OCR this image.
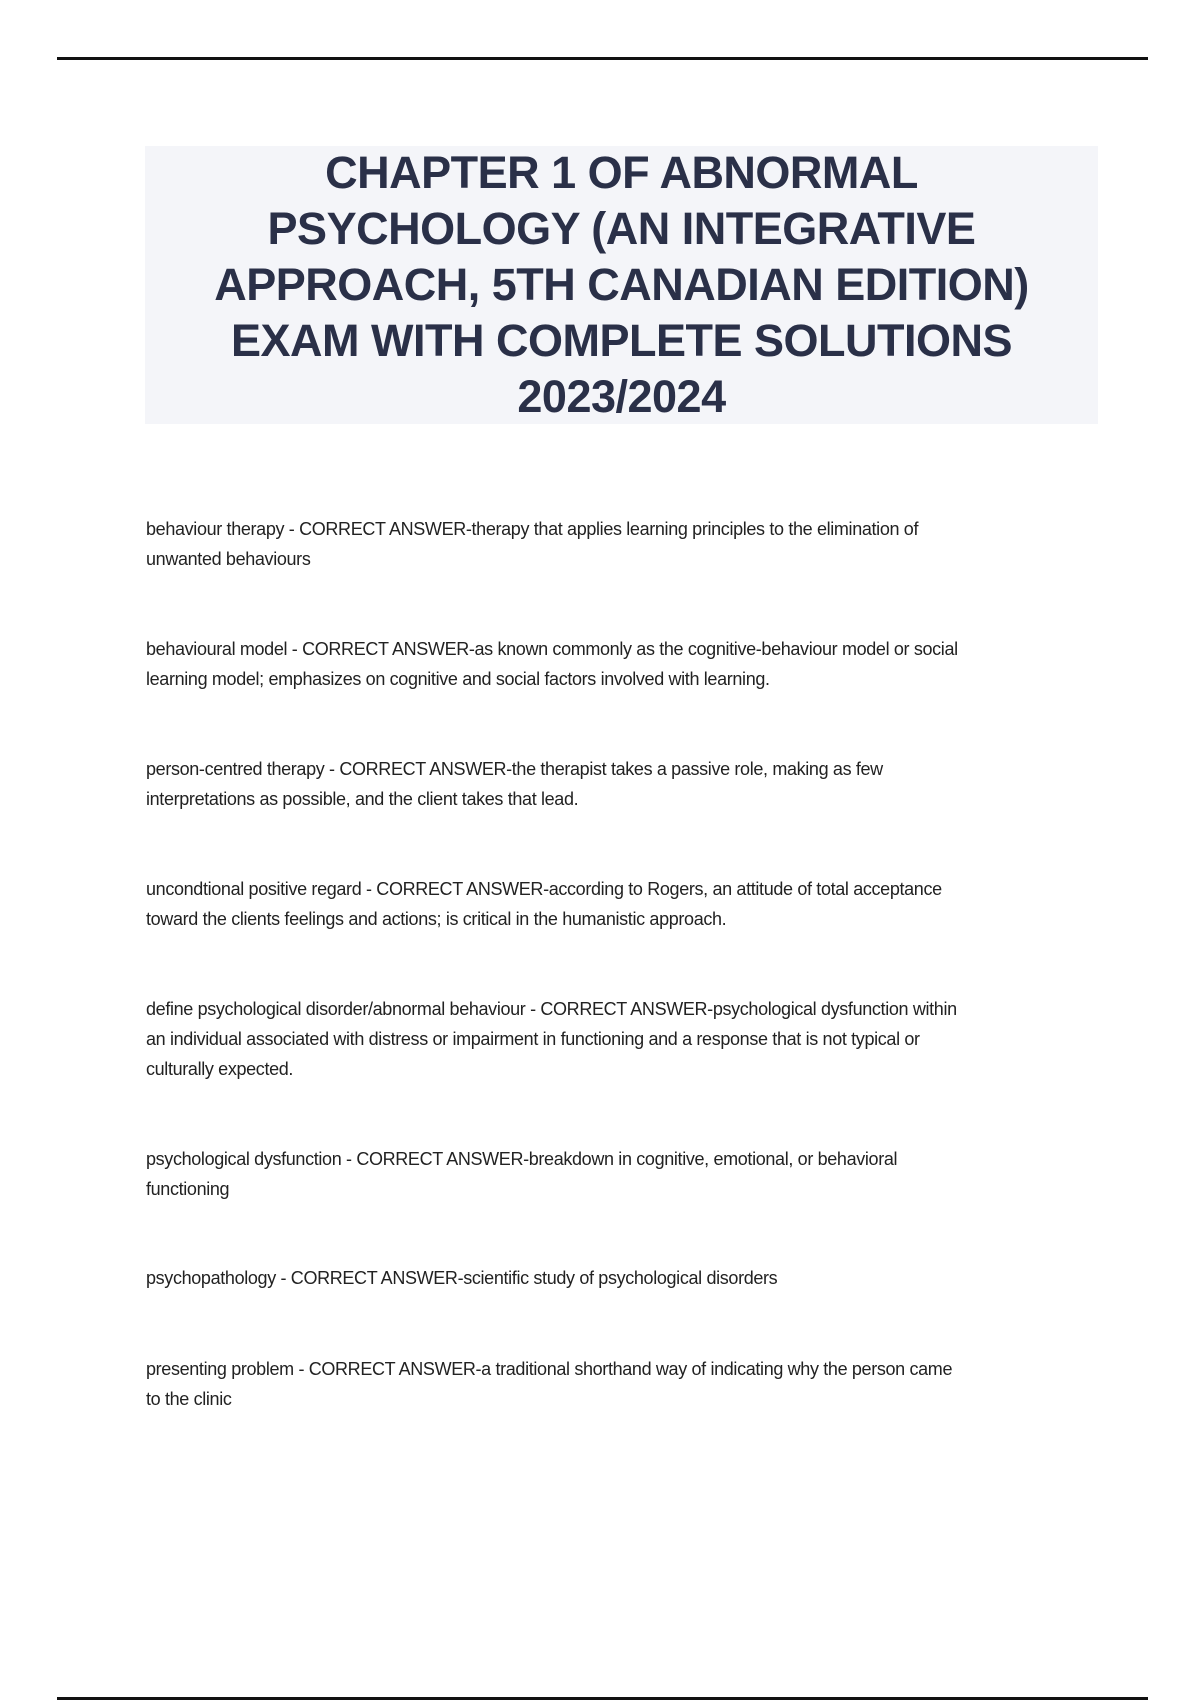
CHAPTER 1 OF ABNORMAL
PSYCHOLOGY (AN INTEGRATIVE
APPROACH, 5TH CANADIAN EDITION)
EXAM WITH COMPLETE SOLUTIONS
2023/2024
behaviour therapy - CORRECT ANSWER-therapy that applies learning principles to the elimination of
unwanted behaviours
behavioural model - CORRECT ANSWER-as known commonly as the cognitive-behaviour model or social
learning model; emphasizes on cognitive and social factors involved with learning.
person-centred therapy - CORRECT ANSWER-the therapist takes a passive role, making as few
interpretations as possible, and the client takes that lead.
uncondtional positive regard - CORRECT ANSWER-according to Rogers, an attitude of total acceptance
toward the clients feelings and actions; is critical in the humanistic approach.
define psychological disorder/abnormal behaviour - CORRECT ANSWER-psychological dysfunction within
an individual associated with distress or impairment in functioning and a response that is not typical or
culturally expected.
psychological dysfunction - CORRECT ANSWER-breakdown in cognitive, emotional, or behavioral
functioning
psychopathology - CORRECT ANSWER-scientific study of psychological disorders
presenting problem - CORRECT ANSWER-a traditional shorthand way of indicating why the person came
to the clinic
